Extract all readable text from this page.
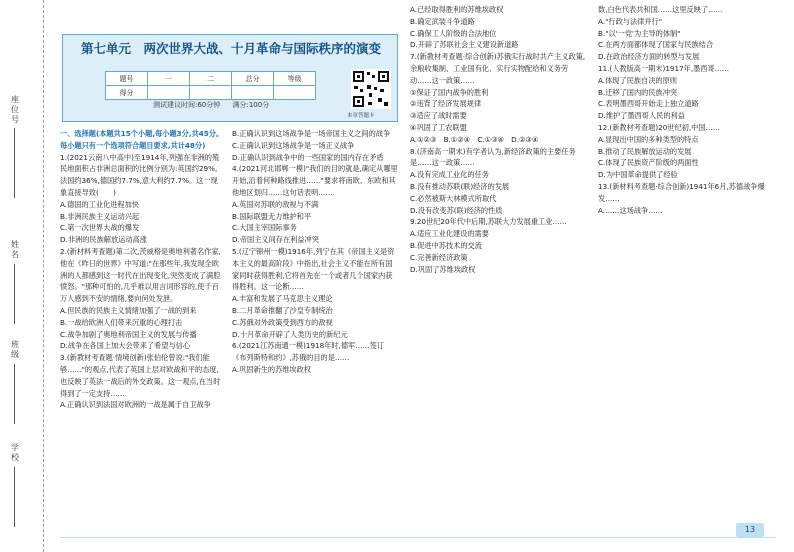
座位号
姓名
班级
学校
第七单元　两次世界大战、十月革命与国际秩序的演变
题号	一	二	总分	等级
得分				
测试建议时间:60分钟 满分:100分
本章答题卡

一、选择题(本题共15个小题,每小题3分,共45分。每小题只有一个选项符合题目要求,共计48分)

1.(2021云南八中高中)至1914年,列强在非洲的殖民地面积占非洲总面积的比例分别为:英国约29%,法国约36%,德国约7.7%,意大利约7.7%。这一现象直接导致(　　)

A.德国的工业化进程加快

B.非洲民族主义运动兴起

C.第一次世界大战的爆发

D.非洲的民族解放运动高涨

2.(新材料考查题)第二次,茨威格是奥地利著名作家,他在《昨日的世界》中写道:"在那些年,我发现全欧洲的人都感到这一时代在出现变化,突然变成了满腔愤怒。"那种可怕的,几乎难以用言词形容的,使千百万人感到不安的情绪,要向何处发泄。

A.但民族的民族主义情绪加强了一战的到来

B.一战给欧洲人们带来沉重的心理打击

C.战争加剧了奥地利帝国主义的发展与传播

D.战争在各国上加大会带来了希望与信心

3.(新教材考查题·情境创新)张伯伦曾说:"我们能够……"的观点,代表了英国上层对欧战和平的态度,也反映了英法一战后的外交政策。这一观点,在当时得到了一定支持……

A.正确认识到法国对欧洲的一战是属于自卫战争

B.正确认识到这场战争是一场帝国主义之间的战争

C.正确认识到这场战争是一场正义战争

D.正确认识到战争中的一些国家的国内存在矛盾

4.(2021河北邯郸一模)"我们的目的就是,确定从哪里开始,沿着何种路线推进……"要求将南欧、东欧和其他地区划归……这句话表明……

A.英国对苏联的敌视与不满

B.国际联盟无力维护和平

C.大国主宰国际事务

D.帝国主义间存在利益冲突

5.(辽宁锦州一模)1916年,列宁在其《帝国主义是资本主义的最高阶段》中指出,社会主义不能在所有国家同时获得胜利,它将首先在一个或者几个国家内获得胜利。这一论断……

A.丰富和发展了马克思主义理论

B.二月革命推翻了沙皇专制统治

C.苏俄对外政策受到西方的敌视

D.十月革命开辟了人类历史的新纪元

6.(2021江苏南通一模)1918年时,德军……签订《布列斯特和约》,苏俄的目的是……

A.巩固新生的苏维埃政权

A.已经取得胜利的苏维埃政权

B.确定武装斗争道路

C.确保工人阶级的合法地位

D.开辟了苏联社会主义建设新道路

7.(新教材考查题·综合创新)苏俄实行战时共产主义政策,余粮收集制、工业国有化、实行实物配给和义务劳动……这一政策……

①保证了国内战争的胜利

②违背了经济发展规律

③适应了战时需要

④巩固了工农联盟

A.①②③　B.①②④　C.①③④　D.②③④

8.(济南高一期末)有学者认为,新经济政策的主要任务是……这一政策……

A.没有完成工业化的任务

B.没有推动苏联(联)经济的发展

C.必然被斯大林模式所取代

D.没有改变苏(联)经济的性质

9.20世纪20年代中后期,苏联大力发展重工业……

A.适应工业化建设的需要

B.促进中苏技术的交流

C.完善新经济政策

D.巩固了苏维埃政权

数,白色代表共和国……这里反映了……

A."行政与法律并行"

B."以'一党'为主导的体制"

C.在两方面都体现了国家与民族结合

D.在政治经济方面的转型与发展

11.(人教版高一期末)1917年,墨西哥……

A.体现了民族自决的原则

B.迁移了国内的民族冲突

C.表明墨西哥开始走上独立道路

D.维护了墨西哥人民的利益

12.(新教材考查题)20世纪初,中国……

A.显现出中国的多种类型的特点

B.推动了民族解放运动的发展

C.体现了民族资产阶级的两面性

D.为中国革命提供了经验

13.(新材料考查题·综合创新)1941年6月,苏德战争爆发……

A.……这场战争……

13
